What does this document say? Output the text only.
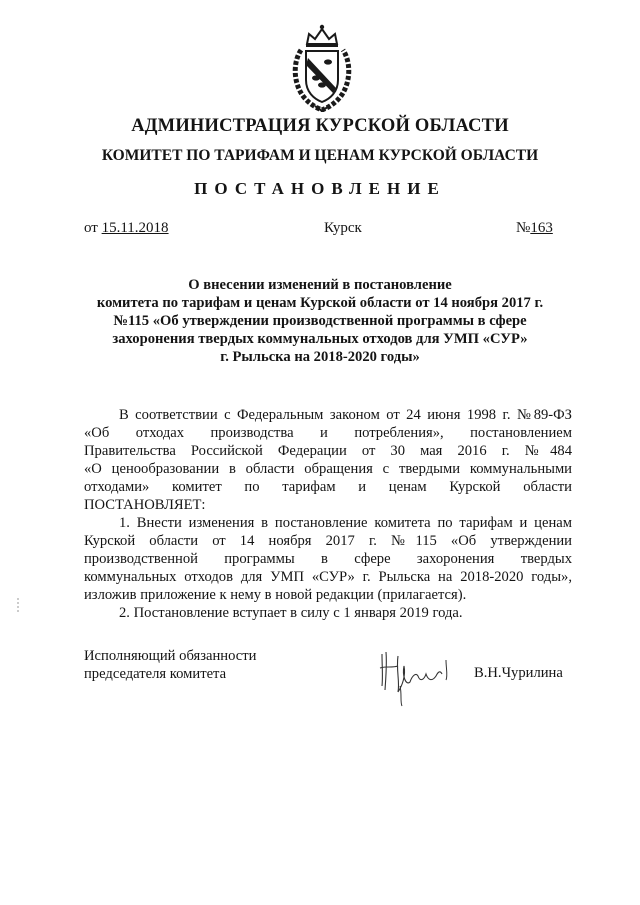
АДМИНИСТРАЦИЯ КУРСКОЙ ОБЛАСТИ
КОМИТЕТ ПО ТАРИФАМ И ЦЕНАМ КУРСКОЙ ОБЛАСТИ
ПОСТАНОВЛЕНИЕ
от 15.11.2018	Курск	№163
О внесении изменений в постановление
комитета по тарифам и ценам Курской области от 14 ноября 2017 г.
№115 «Об утверждении производственной программы в сфере
захоронения твердых коммунальных отходов для УМП «СУР»
г. Рыльска на 2018-2020 годы»
В соответствии с Федеральным законом от 24 июня 1998 г. №89-ФЗ
«Об отходах производства и потребления», постановлением
Правительства Российской Федерации от 30 мая 2016 г. №484
«О ценообразовании в области обращения с твердыми коммунальными
отходами» комитет по тарифам и ценам Курской области
ПОСТАНОВЛЯЕТ:
1. Внести изменения в постановление комитета по тарифам и ценам
Курской области от 14 ноября 2017 г. №115 «Об утверждении
производственной программы в сфере захоронения твердых
коммунальных отходов для УМП «СУР» г. Рыльска на 2018-2020 годы»,
изложив приложение к нему в новой редакции (прилагается).
2. Постановление вступает в силу с 1 января 2019 года.
Исполняющий обязанности
председателя комитета	В.Н.Чурилина
